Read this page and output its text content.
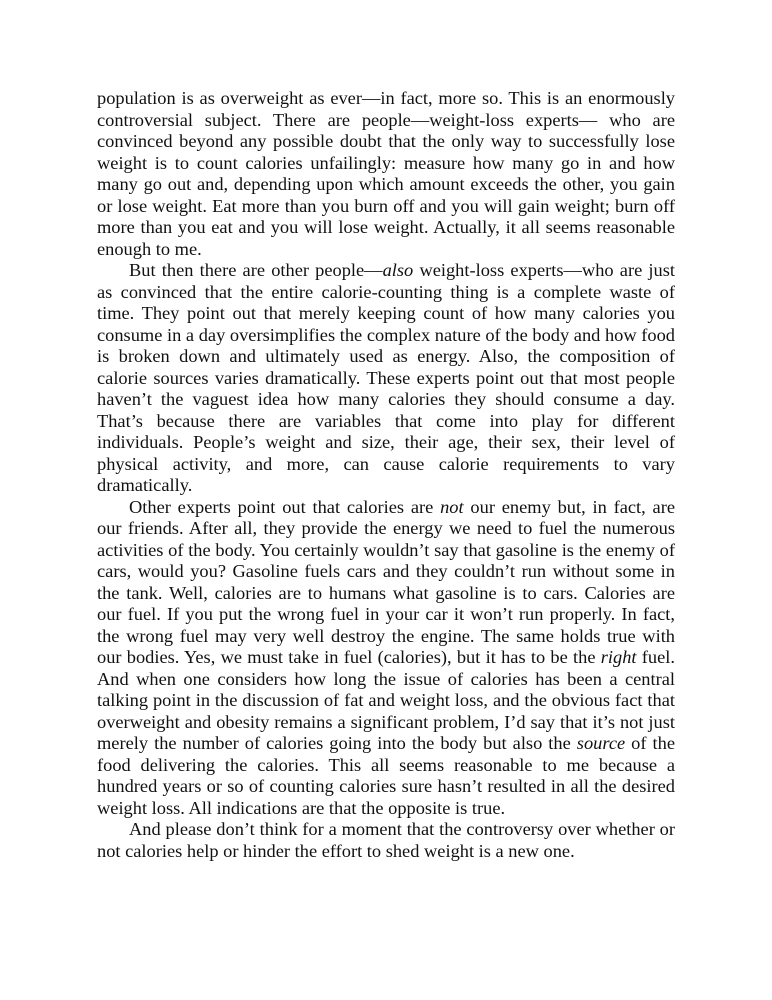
population is as overweight as ever—in fact, more so. This is an enormously controversial subject. There are people—weight-loss experts— who are convinced beyond any possible doubt that the only way to successfully lose weight is to count calories unfailingly: measure how many go in and how many go out and, depending upon which amount exceeds the other, you gain or lose weight. Eat more than you burn off and you will gain weight; burn off more than you eat and you will lose weight. Actually, it all seems reasonable enough to me.

But then there are other people—also weight-loss experts—who are just as convinced that the entire calorie-counting thing is a complete waste of time. They point out that merely keeping count of how many calories you consume in a day oversimplifies the complex nature of the body and how food is broken down and ultimately used as energy. Also, the composition of calorie sources varies dramatically. These experts point out that most people haven’t the vaguest idea how many calories they should consume a day. That’s because there are variables that come into play for different individuals. People’s weight and size, their age, their sex, their level of physical activity, and more, can cause calorie requirements to vary dramatically.

Other experts point out that calories are not our enemy but, in fact, are our friends. After all, they provide the energy we need to fuel the numerous activities of the body. You certainly wouldn’t say that gasoline is the enemy of cars, would you? Gasoline fuels cars and they couldn’t run without some in the tank. Well, calories are to humans what gasoline is to cars. Calories are our fuel. If you put the wrong fuel in your car it won’t run properly. In fact, the wrong fuel may very well destroy the engine. The same holds true with our bodies. Yes, we must take in fuel (calories), but it has to be the right fuel. And when one considers how long the issue of calories has been a central talking point in the discussion of fat and weight loss, and the obvious fact that overweight and obesity remains a significant problem, I’d say that it’s not just merely the number of calories going into the body but also the source of the food delivering the calories. This all seems reasonable to me because a hundred years or so of counting calories sure hasn’t resulted in all the desired weight loss. All indications are that the opposite is true.

And please don’t think for a moment that the controversy over whether or not calories help or hinder the effort to shed weight is a new one.
